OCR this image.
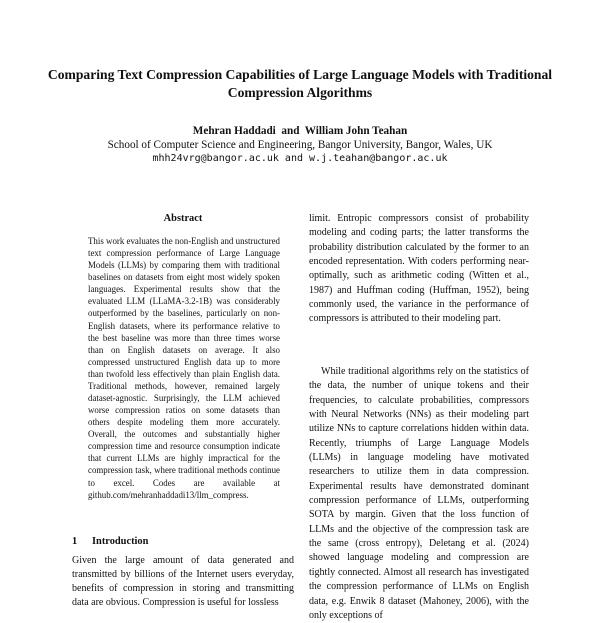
Comparing Text Compression Capabilities of Large Language Models with Traditional Compression Algorithms
Mehran Haddadi  and  William John Teahan
School of Computer Science and Engineering, Bangor University, Bangor, Wales, UK
mhh24vrg@bangor.ac.uk and w.j.teahan@bangor.ac.uk
Abstract

This work evaluates the non-English and unstructured text compression performance of Large Language Models (LLMs) by comparing them with traditional baselines on datasets from eight most widely spoken languages. Experimental results show that the evaluated LLM (LLaMA-3.2-1B) was considerably outperformed by the baselines, particularly on non-English datasets, where its performance relative to the best baseline was more than three times worse than on English datasets on average. It also compressed unstructured English data up to more than twofold less effectively than plain English data. Traditional methods, however, remained largely dataset-agnostic. Surprisingly, the LLM achieved worse compression ratios on some datasets than others despite modeling them more accurately. Overall, the outcomes and substantially higher compression time and resource consumption indicate that current LLMs are highly impractical for the compression task, where traditional methods continue to excel. Codes are available at github.com/mehranhaddadi13/llm_compress.

1 Introduction

Given the large amount of data generated and transmitted by billions of the Internet users everyday, benefits of compression in storing and transmitting data are obvious. Compression is useful for lossless

limit. Entropic compressors consist of probability modeling and coding parts; the latter transforms the probability distribution calculated by the former to an encoded representation. With coders performing near-optimally, such as arithmetic coding (Witten et al., 1987) and Huffman coding (Huffman, 1952), being commonly used, the variance in the performance of compressors is attributed to their modeling part.

While traditional algorithms rely on the statistics of the data, the number of unique tokens and their frequencies, to calculate probabilities, compressors with Neural Networks (NNs) as their modeling part utilize NNs to capture correlations hidden within data. Recently, triumphs of Large Language Models (LLMs) in language modeling have motivated researchers to utilize them in data compression. Experimental results have demonstrated dominant compression performance of LLMs, outperforming SOTA by margin. Given that the loss function of LLMs and the objective of the compression task are the same (cross entropy), Deletang et al. (2024) showed language modeling and compression are tightly connected. Almost all research has investigated the compression performance of LLMs on English data, e.g. Enwik 8 dataset (Mahoney, 2006), with the only exceptions of
